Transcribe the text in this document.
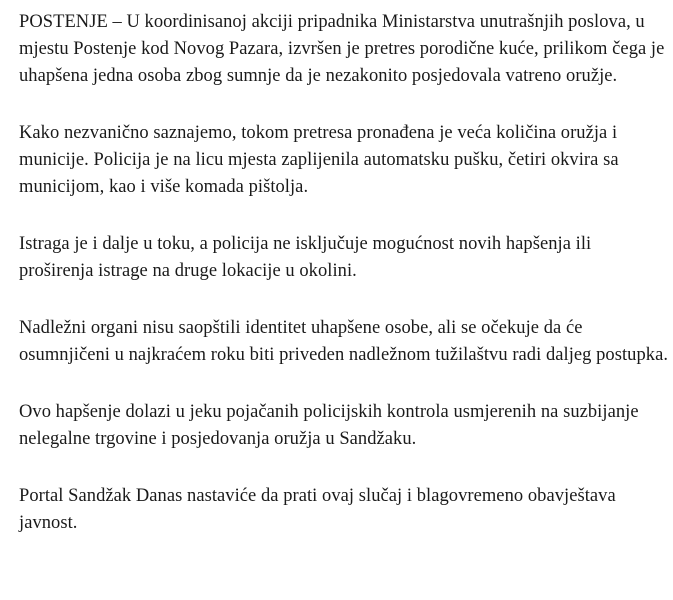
POSTENJE – U koordinisanoj akciji pripadnika Ministarstva unutrašnjih poslova, u mjestu Postenje kod Novog Pazara, izvršen je pretres porodične kuće, prilikom čega je uhapšena jedna osoba zbog sumnje da je nezakonito posjedovala vatreno oružje.

Kako nezvanično saznajemo, tokom pretresa pronađena je veća količina oružja i municije. Policija je na licu mjesta zaplijenila automatsku pušku, četiri okvira sa municijom, kao i više komada pištolja.

Istraga je i dalje u toku, a policija ne isključuje mogućnost novih hapšenja ili proširenja istrage na druge lokacije u okolini.

Nadležni organi nisu saopštili identitet uhapšene osobe, ali se očekuje da će osumnjičeni u najkraćem roku biti priveden nadležnom tužilaštvu radi daljeg postupka.

Ovo hapšenje dolazi u jeku pojačanih policijskih kontrola usmjerenih na suzbijanje nelegalne trgovine i posjedovanja oružja u Sandžaku.

Portal Sandžak Danas nastaviće da prati ovaj slučaj i blagovremeno obavještava javnost.
